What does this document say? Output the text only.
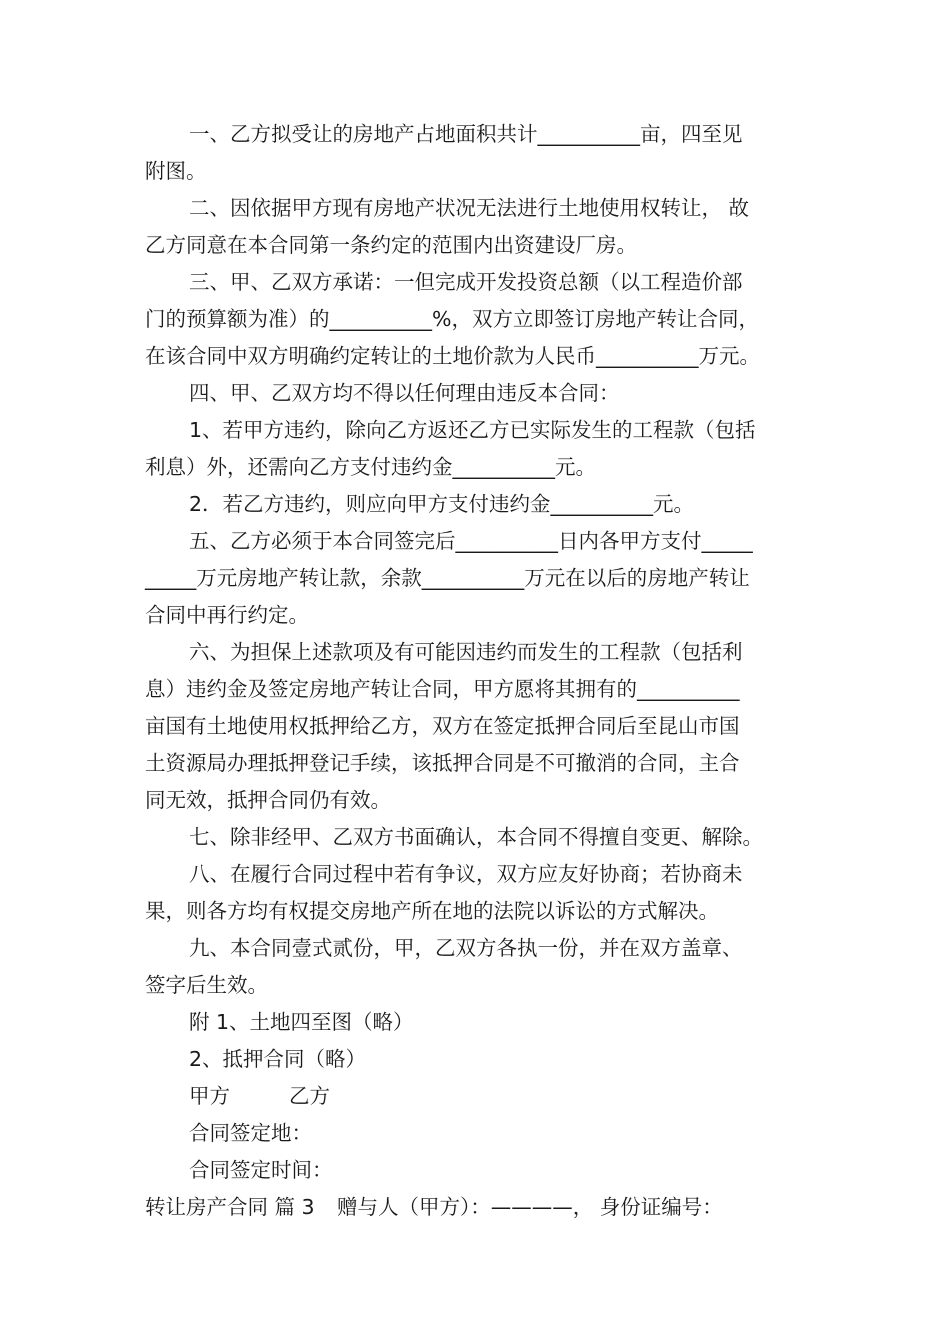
一、乙方拟受让的房地产占地面积共计__________亩，四至见
附图。
二、因依据甲方现有房地产状况无法进行土地使用权转让， 故
乙方同意在本合同第一条约定的范围内出资建设厂房。
三、甲、乙双方承诺：一但完成开发投资总额（以工程造价部
门的预算额为准）的__________%，双方立即签订房地产转让合同，
在该合同中双方明确约定转让的土地价款为人民币__________万元。
四、甲、乙双方均不得以任何理由违反本合同：
1、若甲方违约，除向乙方返还乙方已实际发生的工程款（包括
利息）外，还需向乙方支付违约金__________元。
2．若乙方违约，则应向甲方支付违约金__________元。
五、乙方必须于本合同签完后__________日内各甲方支付_____
_____万元房地产转让款，余款__________万元在以后的房地产转让
合同中再行约定。
六、为担保上述款项及有可能因违约而发生的工程款（包括利
息）违约金及签定房地产转让合同，甲方愿将其拥有的__________
亩国有土地使用权抵押给乙方，双方在签定抵押合同后至昆山市国
土资源局办理抵押登记手续，该抵押合同是不可撤消的合同，主合
同无效，抵押合同仍有效。
七、除非经甲、乙双方书面确认，本合同不得擅自变更、解除。
八、在履行合同过程中若有争议，双方应友好协商；若协商未
果，则各方均有权提交房地产所在地的法院以诉讼的方式解决。
九、本合同壹式贰份，甲，乙双方各执一份，并在双方盖章、
签字后生效。
附 1、土地四至图（略）
2、抵押合同（略）
甲方	乙方
合同签定地：
合同签定时间：
转让房产合同 篇 3 赠与人（甲方）：————， 身份证编号：
